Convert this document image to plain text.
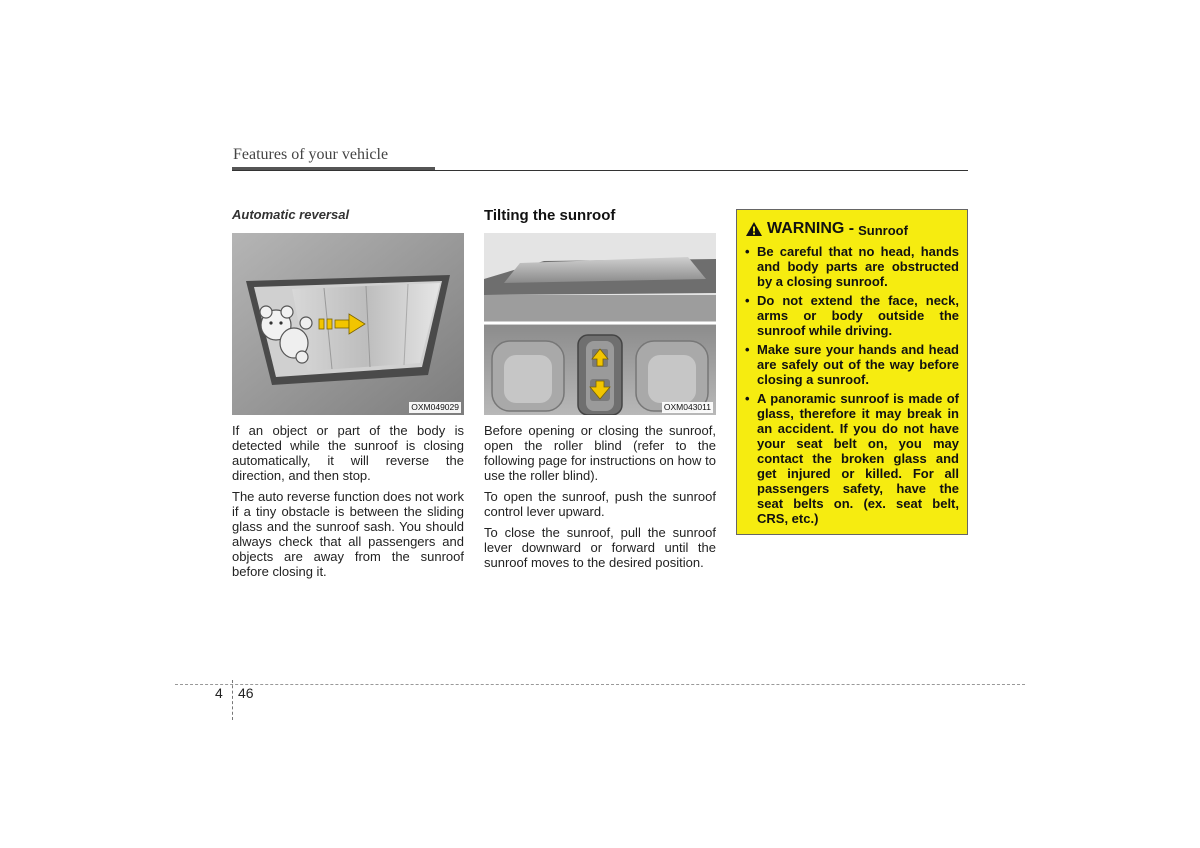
Features of your vehicle
Automatic reversal
OXM049029

If an object or part of the body is detected while the sunroof is closing automatically, it will reverse the direction, and then stop.

The auto reverse function does not work if a tiny obstacle is between the sliding glass and the sunroof sash. You should always check that all passengers and objects are away from the sunroof before closing it.

Tilting the sunroof
OXM043011

Before opening or closing the sunroof, open the roller blind (refer to the following page for instructions on how to use the roller blind).

To open the sunroof, push the sunroof control lever upward.

To close the sunroof, pull the sunroof lever downward or forward until the sunroof moves to the desired position.

WARNING - Sunroof
• Be careful that no head, hands and body parts are obstructed by a closing sunroof.
• Do not extend the face, neck, arms or body outside the sunroof while driving.
• Make sure your hands and head are safely out of the way before closing a sunroof.
• A panoramic sunroof is made of glass, therefore it may break in an accident. If you do not have your seat belt on, you may contact the broken glass and get injured or killed. For all passengers safety, have the seat belts on. (ex. seat belt, CRS, etc.)
4 46
